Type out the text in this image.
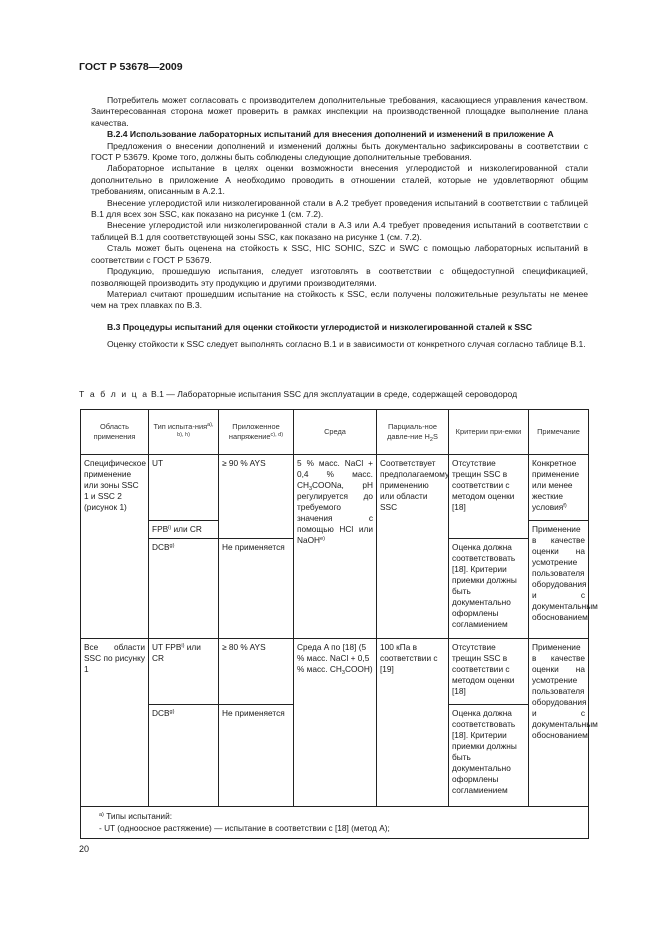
ГОСТ Р 53678—2009

Потребитель может согласовать с производителем дополнительные требования, касающиеся управления качеством. Заинтересованная сторона может проверить в рамках инспекции на производственной площадке выполнение плана качества.

B.2.4 Использование лабораторных испытаний для внесения дополнений и изменений в приложение A

Предложения о внесении дополнений и изменений должны быть документально зафиксированы в соответствии с ГОСТ Р 53679. Кроме того, должны быть соблюдены следующие дополнительные требования.

Лабораторное испытание в целях оценки возможности внесения углеродистой и низколегированной стали дополнительно в приложение A необходимо проводить в отношении сталей, которые не удовлетворяют общим требованиям, описанным в A.2.1.

Внесение углеродистой или низколегированной стали в A.2 требует проведения испытаний в соответствии с таблицей B.1 для всех зон SSC, как показано на рисунке 1 (см. 7.2).

Внесение углеродистой или низколегированной стали в A.3 или A.4 требует проведения испытаний в соответствии с таблицей B.1 для соответствующей зоны SSC, как показано на рисунке 1 (см. 7.2).

Сталь может быть оценена на стойкость к SSC, HIC SOHIC, SZC и SWC с помощью лабораторных испытаний в соответствии с ГОСТ Р 53679.

Продукцию, прошедшую испытания, следует изготовлять в соответствии с общедоступной спецификацией, позволяющей производить эту продукцию и другими производителями.

Материал считают прошедшим испытание на стойкость к SSC, если получены положительные результаты не менее чем на трех плавках по B.3.

B.3 Процедуры испытаний для оценки стойкости углеродистой и низколегированной сталей к SSC

Оценку стойкости к SSC следует выполнять согласно B.1 и в зависимости от конкретного случая согласно таблице B.1.

Т а б л и ц а B.1 — Лабораторные испытания SSC для эксплуатации в среде, содержащей сероводород
Область применения	Тип испыта-ния$^{a), b), h)}$	Приложенное напряжение$^{c), d)}$	Среда	Парциаль-ное давле-ние $H_2S$	Критерии при-емки	Примечание
Специфическое применение или зоны SSC 1 и SSC 2 (рисунок 1)	UT	≥ 90 % AYS	5 % масс. NaCl + 0,4 % масс. $CH_3COONa$, pH регулируется до требуемого значения с помощью HCl или NaOH$^{e)}$	Соответствует предполагаемому применению или области SSC	Отсутствие трещин SSC в соответствии с методом оценки [18]	Конкретное применение или менее жесткие условия$^{f)}$
	FPB$^{i)}$ или CR					Применение в качестве оценки на усмотрение пользователя оборудования и с документальным обоснованием
	DCB$^{g)}$	Не применяется			Оценка должна соответствовать [18]. Критерии приемки должны быть документально оформлены согламиением	
Все области SSC по рисунку 1	UT FPB$^{i)}$ или CR	≥ 80 % AYS	Среда A по [18] (5 % масс. NaCl + 0,5 % масс. $CH_3COOH$)	100 кПа в соответствии с [19]	Отсутствие трещин SSC в соответствии с методом оценки [18]	Применение в качестве оценки на усмотрение пользователя оборудования и с документальным обоснованием
	DCB$^{g)}$	Не применяется			Оценка должна соответствовать [18]. Критерии приемки должны быть документально оформлены согламиением	

$^{a)}$ Типы испытаний:
- UT (одноосное растяжение) — испытание в соответствии с [18] (метод A);						
20
